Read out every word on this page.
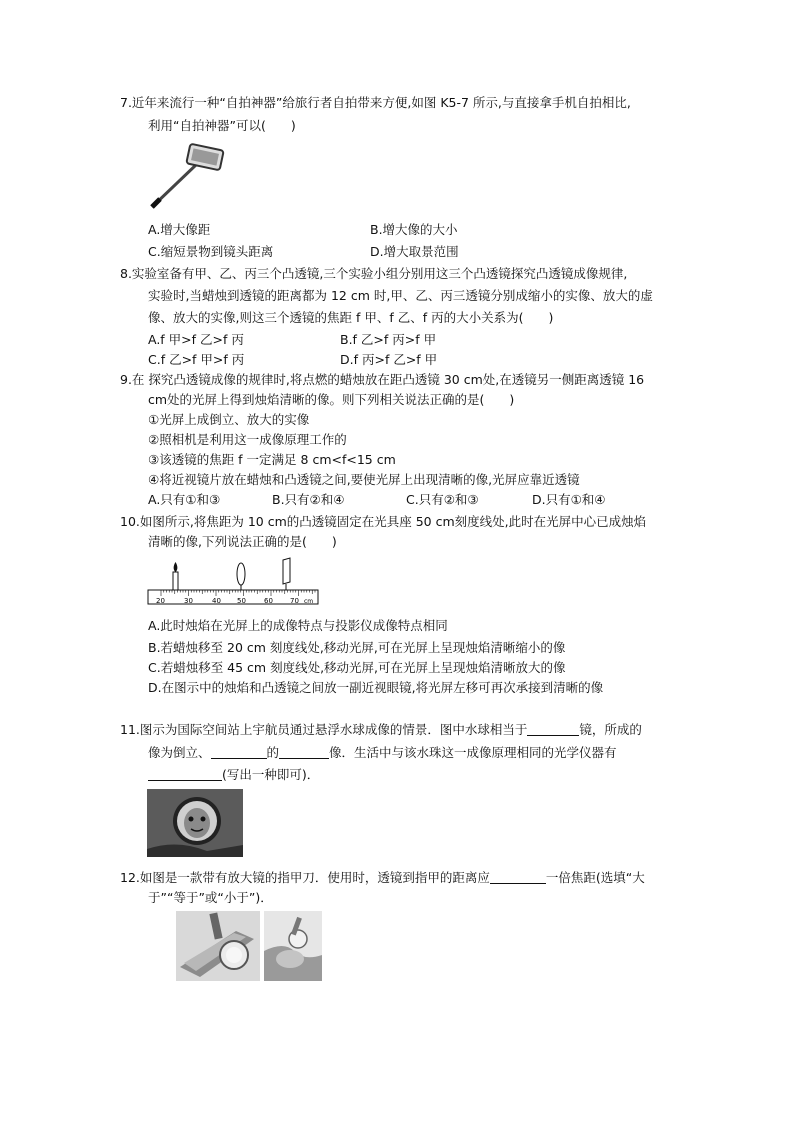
7.近年来流行一种“自拍神器”给旅行者自拍带来方便,如图 K5-7 所示,与直接拿手机自拍相比,
利用“自拍神器”可以(　　)
A.增大像距	B.增大像的大小
C.缩短景物到镜头距离	D.增大取景范围
8.实验室备有甲、乙、丙三个凸透镜,三个实验小组分别用这三个凸透镜探究凸透镜成像规律,
实验时,当蜡烛到透镜的距离都为 12 cm 时,甲、乙、丙三透镜分别成缩小的实像、放大的虚
像、放大的实像,则这三个透镜的焦距 f 甲、f 乙、f 丙的大小关系为(　　)
A.f 甲>f 乙>f 丙	B.f 乙>f 丙>f 甲
C.f 乙>f 甲>f 丙	D.f 丙>f 乙>f 甲
9.在 探究凸透镜成像的规律时,将点燃的蜡烛放在距凸透镜 30 cm处,在透镜另一侧距离透镜 16
cm处的光屏上得到烛焰清晰的像。则下列相关说法正确的是(　　)
①光屏上成倒立、放大的实像
②照相机是利用这一成像原理工作的
③该透镜的焦距 f 一定满足 8 cm<f<15 cm
④将近视镜片放在蜡烛和凸透镜之间,要使光屏上出现清晰的像,光屏应靠近透镜
A.只有①和③	B.只有②和④	C.只有②和③	D.只有①和④
10.如图所示,将焦距为 10 cm的凸透镜固定在光具座 50 cm刻度线处,此时在光屏中心已成烛焰
清晰的像,下列说法正确的是(　　)
20	30	40 50	60 70 cm
A.此时烛焰在光屏上的成像特点与投影仪成像特点相同
B.若蜡烛移至 20 cm 刻度线处,移动光屏,可在光屏上呈现烛焰清晰缩小的像
C.若蜡烛移至 45 cm 刻度线处,移动光屏,可在光屏上呈现烛焰清晰放大的像
D.在图示中的烛焰和凸透镜之间放一副近视眼镜,将光屏左移可再次承接到清晰的像
11.图示为国际空间站上宇航员通过悬浮水球成像的情景．图中水球相当于	镜，所成的
像为倒立、	的	像．生活中与该水珠这一成像原理相同的光学仪器有
(写出一种即可)．
12.如图是一款带有放大镜的指甲刀．使用时，透镜到指甲的距离应	一倍焦距(选填“大
于”“等于”或“小于”)．
